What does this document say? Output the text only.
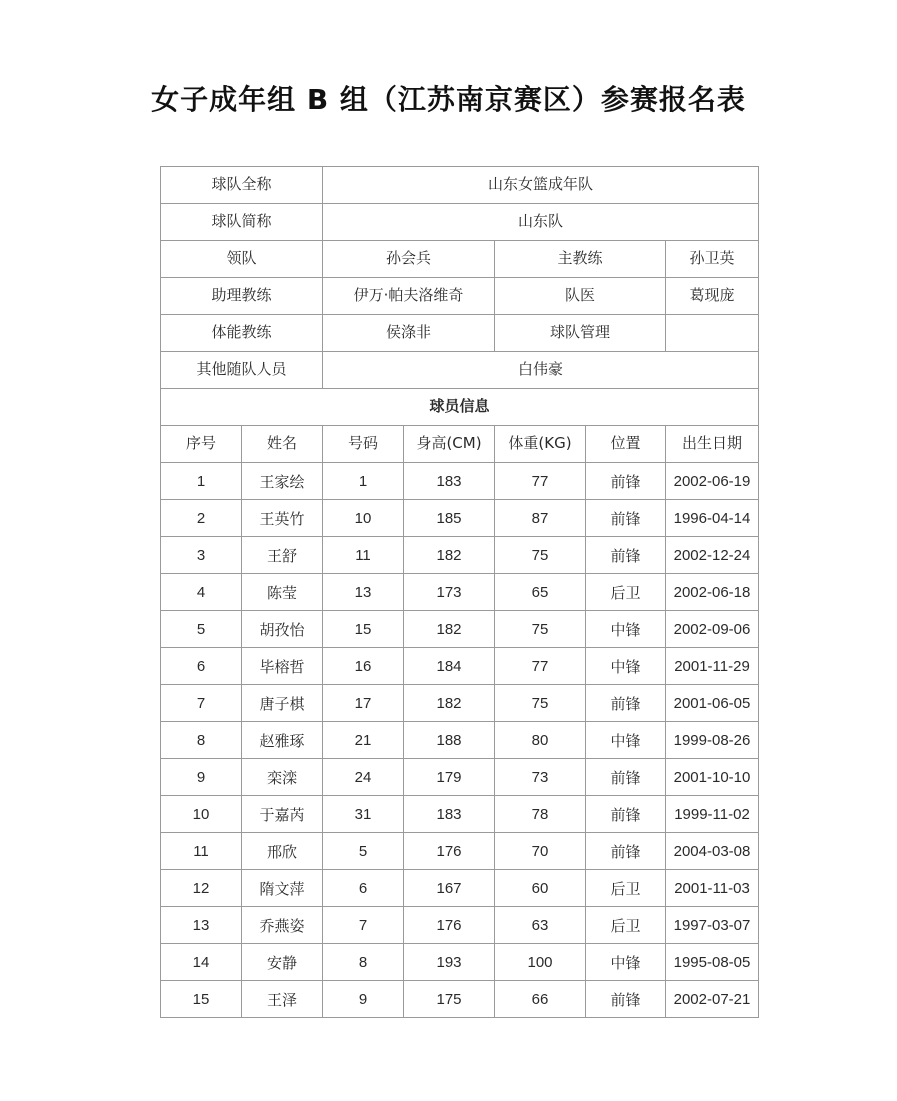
女子成年组 B 组（江苏南京赛区）参赛报名表
球队全称		山东女篮成年队				
球队简称		山东队				
领队		孙会兵		主教练		孙卫英
助理教练		伊万·帕夫洛维奇		队医		葛现庞
体能教练		侯涤非		球队管理		
其他随队人员		白伟豪				
球员信息						
序号	姓名	号码	身高(CM)	体重(KG)	位置	出生日期
1	王家绘	1	183	77	前锋	2002-06-19
2	王英竹	10	185	87	前锋	1996-04-14
3	王舒	11	182	75	前锋	2002-12-24
4	陈莹	13	173	65	后卫	2002-06-18
5	胡孜怡	15	182	75	中锋	2002-09-06
6	毕榕哲	16	184	77	中锋	2001-11-29
7	唐子棋	17	182	75	前锋	2001-06-05
8	赵雅琢	21	188	80	中锋	1999-08-26
9	栾滦	24	179	73	前锋	2001-10-10
10	于嘉芮	31	183	78	前锋	1999-11-02
11	邢欣	5	176	70	前锋	2004-03-08
12	隋文萍	6	167	60	后卫	2001-11-03
13	乔燕姿	7	176	63	后卫	1997-03-07
14	安静	8	193	100	中锋	1995-08-05
15	王泽	9	175	66	前锋	2002-07-21
